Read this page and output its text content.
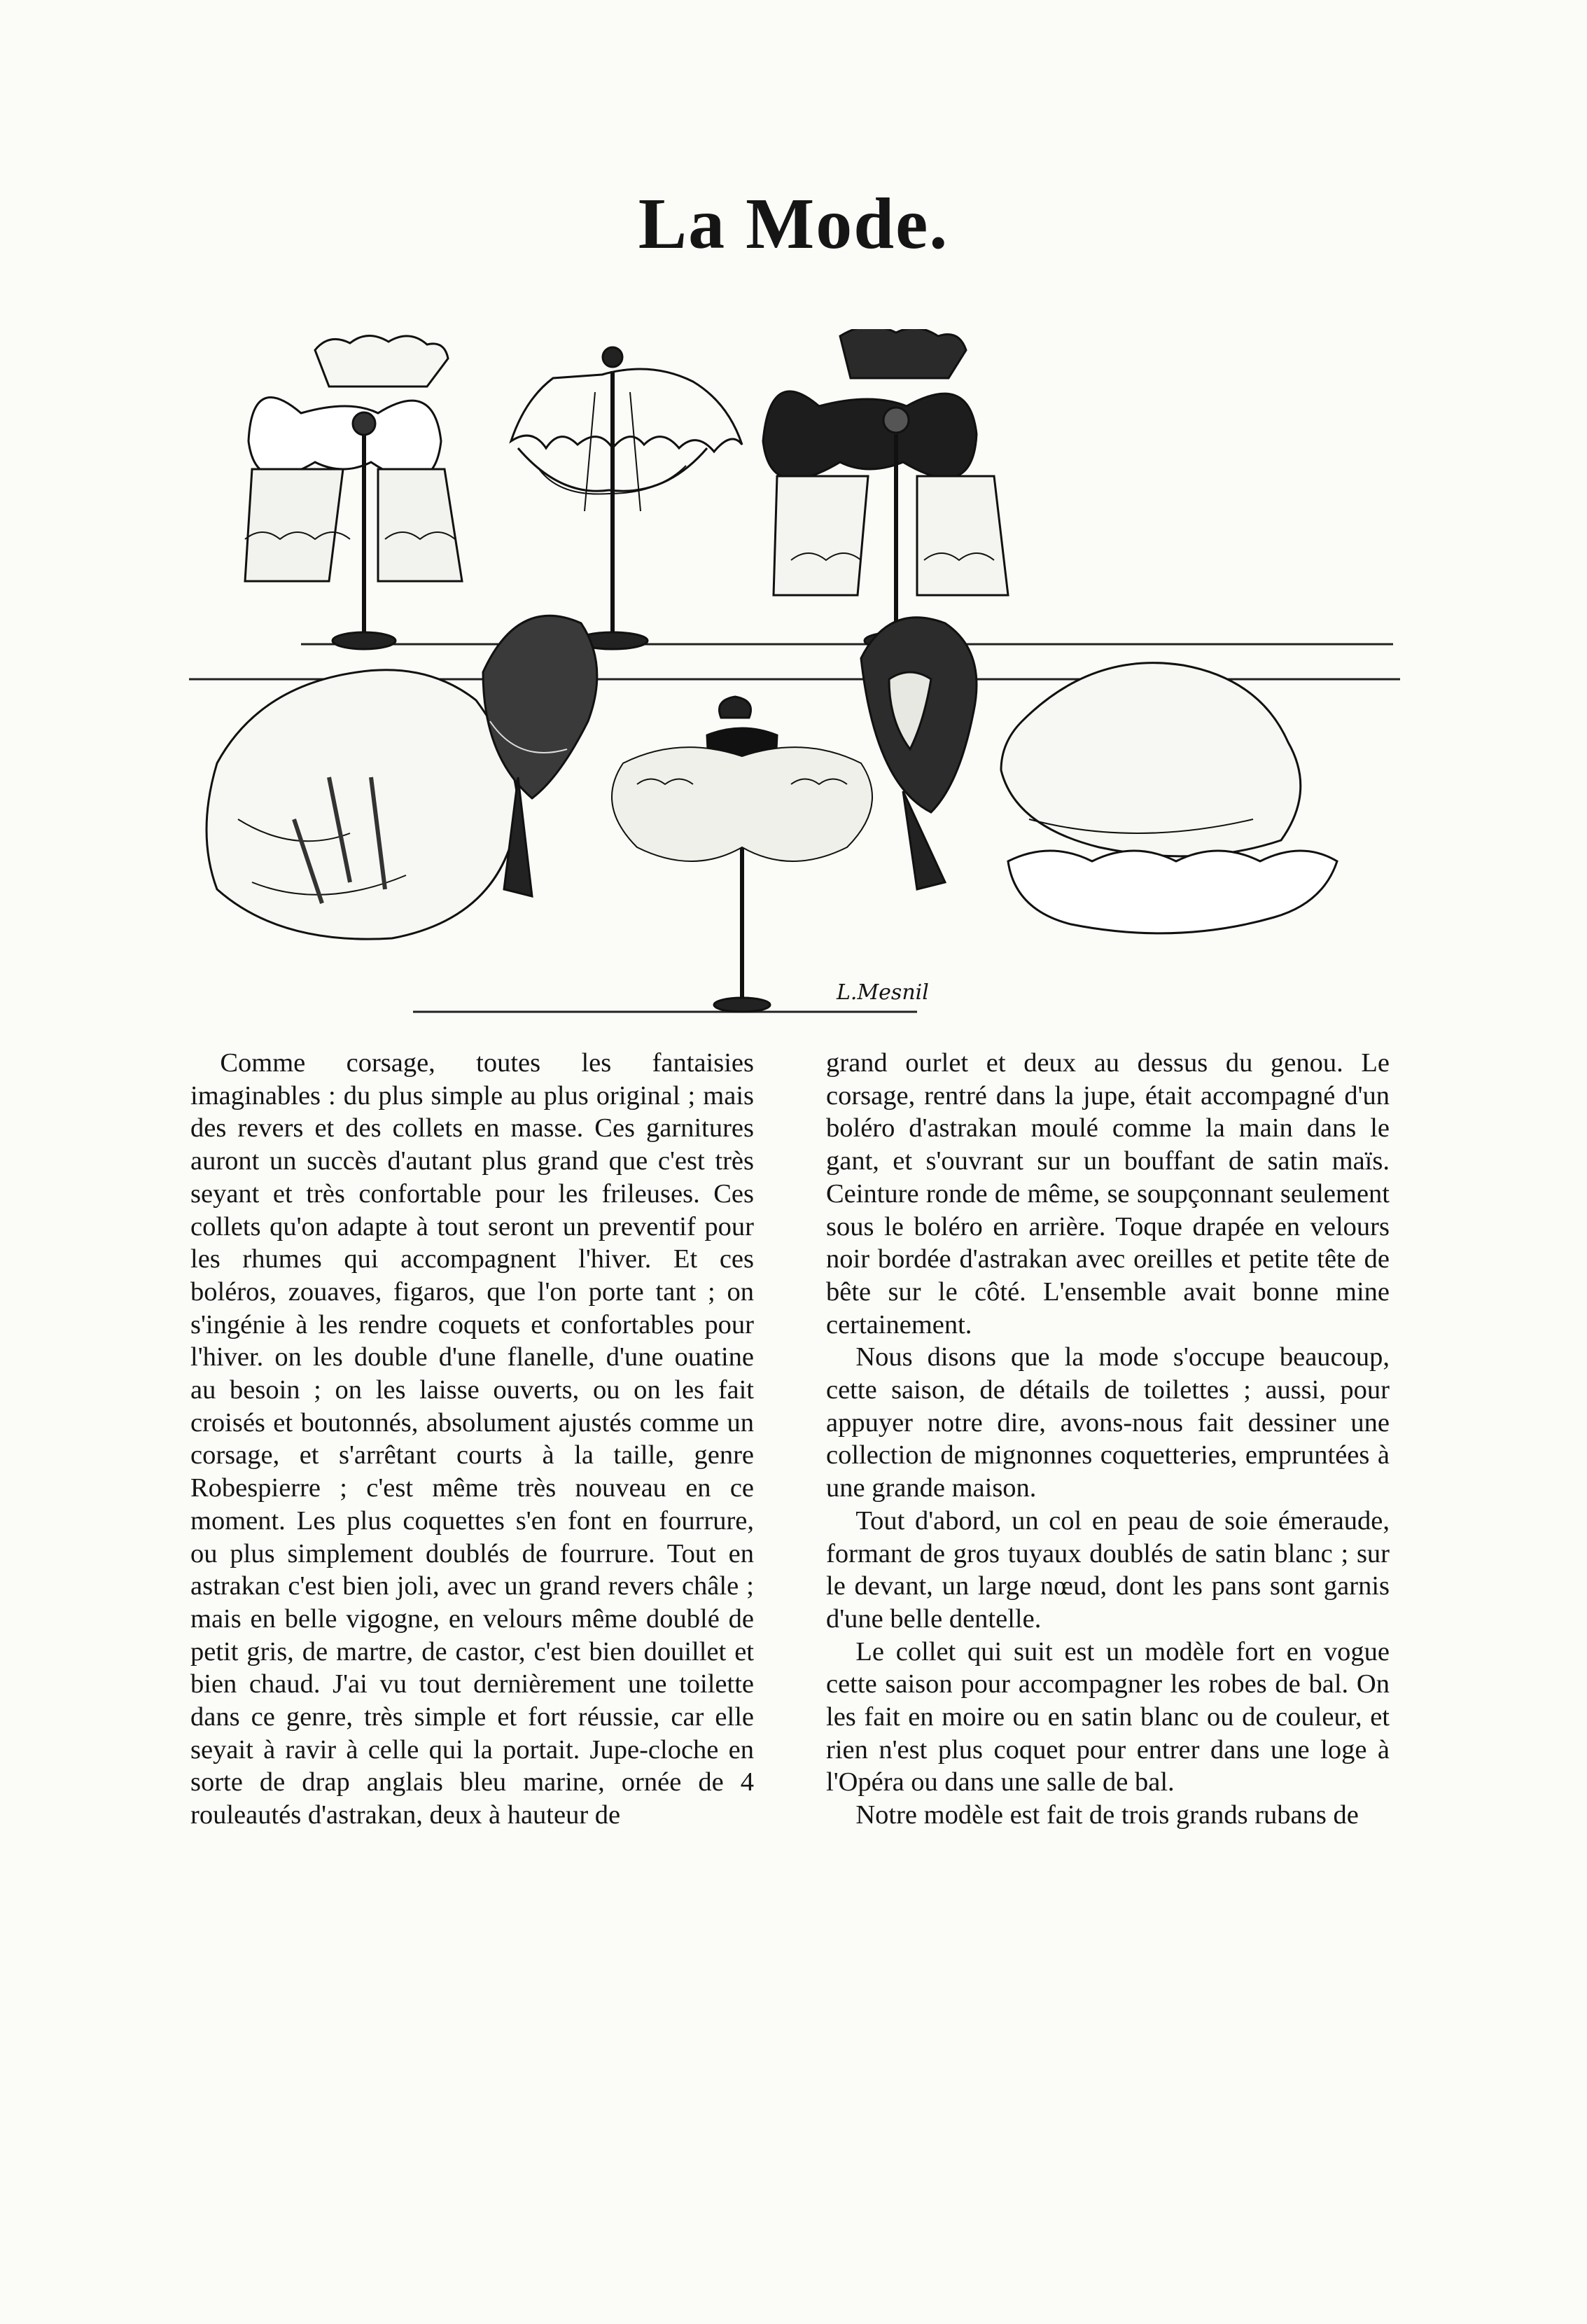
La Mode.
L.Mesnil

Comme corsage, toutes les fantaisies imaginables : du plus simple au plus original ; mais des revers et des collets en masse. Ces garnitures auront un succès d'autant plus grand que c'est très seyant et très confortable pour les frileuses. Ces collets qu'on adapte à tout seront un preventif pour les rhumes qui accompagnent l'hiver. Et ces boléros, zouaves, figaros, que l'on porte tant ; on s'ingénie à les rendre coquets et confortables pour l'hiver. on les double d'une flanelle, d'une ouatine au besoin ; on les laisse ouverts, ou on les fait croisés et boutonnés, absolument ajustés comme un corsage, et s'arrêtant courts à la taille, genre Robespierre ; c'est même très nouveau en ce moment. Les plus coquettes s'en font en fourrure, ou plus simplement doublés de fourrure. Tout en astrakan c'est bien joli, avec un grand revers châle ; mais en belle vigogne, en velours même doublé de petit gris, de martre, de castor, c'est bien douillet et bien chaud. J'ai vu tout dernièrement une toilette dans ce genre, très simple et fort réussie, car elle seyait à ravir à celle qui la portait. Jupe-cloche en sorte de drap anglais bleu marine, ornée de 4 rouleautés d'astrakan, deux à hauteur de

grand ourlet et deux au dessus du genou. Le corsage, rentré dans la jupe, était accompagné d'un boléro d'astrakan moulé comme la main dans le gant, et s'ouvrant sur un bouffant de satin maïs. Ceinture ronde de même, se soupçonnant seulement sous le boléro en arrière. Toque drapée en velours noir bordée d'astrakan avec oreilles et petite tête de bête sur le côté. L'ensemble avait bonne mine certainement.

Nous disons que la mode s'occupe beaucoup, cette saison, de détails de toilettes ; aussi, pour appuyer notre dire, avons-nous fait dessiner une collection de mignonnes coquetteries, empruntées à une grande maison.

Tout d'abord, un col en peau de soie émeraude, formant de gros tuyaux doublés de satin blanc ; sur le devant, un large nœud, dont les pans sont garnis d'une belle dentelle.

Le collet qui suit est un modèle fort en vogue cette saison pour accompagner les robes de bal. On les fait en moire ou en satin blanc ou de couleur, et rien n'est plus coquet pour entrer dans une loge à l'Opéra ou dans une salle de bal.

Notre modèle est fait de trois grands rubans de
